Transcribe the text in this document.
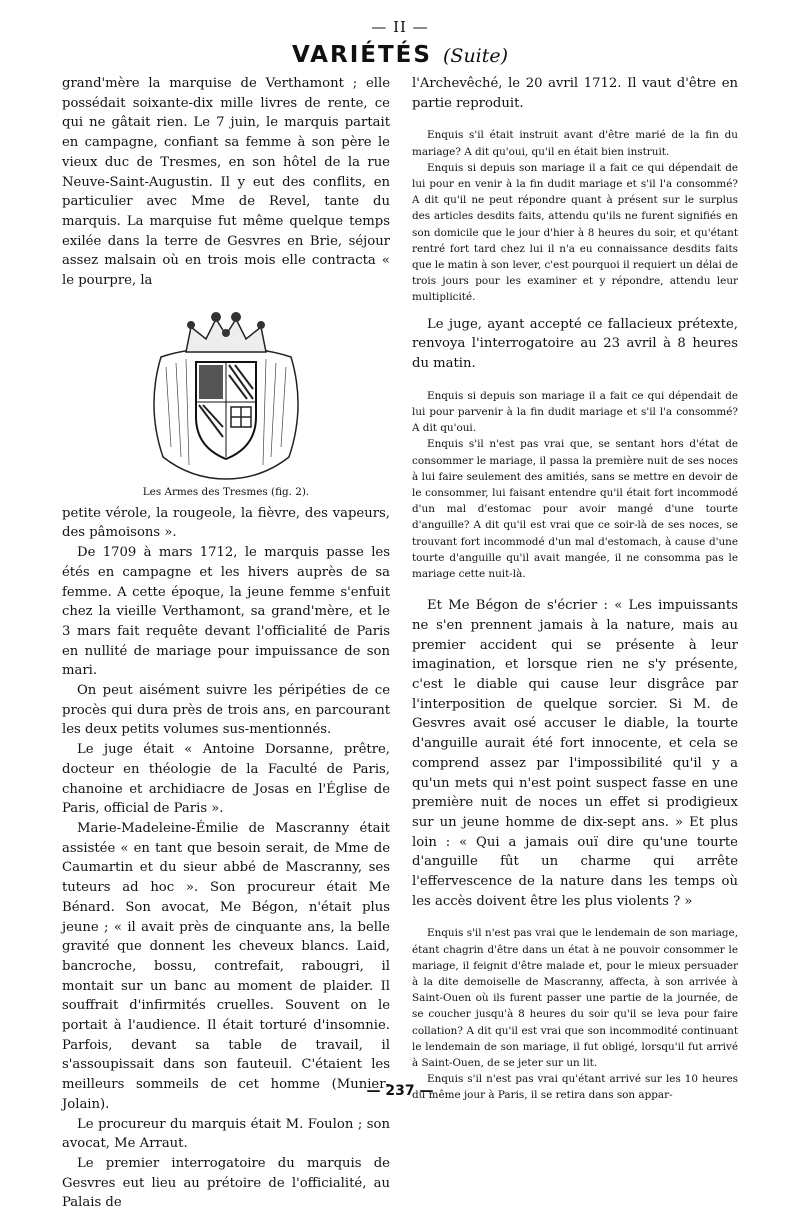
— II —
VARIÉTÉS (Suite)

grand'mère la marquise de Verthamont ; elle possédait soixante-dix mille livres de rente, ce qui ne gâtait rien. Le 7 juin, le marquis partait en campagne, confiant sa femme à son père le vieux duc de Tresmes, en son hôtel de la rue Neuve-Saint-Augustin. Il y eut des conflits, en particulier avec Mme de Revel, tante du marquis. La marquise fut même quelque temps exilée dans la terre de Gesvres en Brie, séjour assez malsain où en trois mois elle contracta « le pourpre, la

Les Armes des Tresmes (fig. 2).

petite vérole, la rougeole, la fièvre, des vapeurs, des pâmoisons ».

De 1709 à mars 1712, le marquis passe les étés en campagne et les hivers auprès de sa femme. A cette époque, la jeune femme s'enfuit chez la vieille Verthamont, sa grand'mère, et le 3 mars fait requête devant l'officialité de Paris en nullité de mariage pour impuissance de son mari.

On peut aisément suivre les péripéties de ce procès qui dura près de trois ans, en parcourant les deux petits volumes sus-mentionnés.

Le juge était « Antoine Dorsanne, prêtre, docteur en théologie de la Faculté de Paris, chanoine et archidiacre de Josas en l'Église de Paris, official de Paris ».

Marie-Madeleine-Émilie de Mascranny était assistée « en tant que besoin serait, de Mme de Caumartin et du sieur abbé de Mascranny, ses tuteurs ad hoc ». Son procureur était Me Bénard. Son avocat, Me Bégon, n'était plus jeune ; « il avait près de cinquante ans, la belle gravité que donnent les cheveux blancs. Laid, bancroche, bossu, contrefait, rabougri, il montait sur un banc au moment de plaider. Il souffrait d'infirmités cruelles. Souvent on le portait à l'audience. Il était torturé d'insomnie. Parfois, devant sa table de travail, il s'assoupissait dans son fauteuil. C'étaient les meilleurs sommeils de cet homme (Munier-Jolain).

Le procureur du marquis était M. Foulon ; son avocat, Me Arraut.

Le premier interrogatoire du marquis de Gesvres eut lieu au prétoire de l'officialité, au Palais de

l'Archevêché, le 20 avril 1712. Il vaut d'être en partie reproduit.

Enquis s'il était instruit avant d'être marié de la fin du mariage? A dit qu'oui, qu'il en était bien instruit.

Enquis si depuis son mariage il a fait ce qui dépendait de lui pour en venir à la fin dudit mariage et s'il l'a consommé? A dit qu'il ne peut répondre quant à présent sur le surplus des articles desdits faits, attendu qu'ils ne furent signifiés en son domicile que le jour d'hier à 8 heures du soir, et qu'étant rentré fort tard chez lui il n'a eu connaissance desdits faits que le matin à son lever, c'est pourquoi il requiert un délai de trois jours pour les examiner et y répondre, attendu leur multiplicité.

Le juge, ayant accepté ce fallacieux prétexte, renvoya l'interrogatoire au 23 avril à 8 heures du matin.

Enquis si depuis son mariage il a fait ce qui dépendait de lui pour parvenir à la fin dudit mariage et s'il l'a consommé? A dit qu'oui.

Enquis s'il n'est pas vrai que, se sentant hors d'état de consommer le mariage, il passa la première nuit de ses noces à lui faire seulement des amitiés, sans se mettre en devoir de le consommer, lui faisant entendre qu'il était fort incommodé d'un mal d'estomac pour avoir mangé d'une tourte d'anguille? A dit qu'il est vrai que ce soir-là de ses noces, se trouvant fort incommodé d'un mal d'estomach, à cause d'une tourte d'anguille qu'il avait mangée, il ne consomma pas le mariage cette nuit-là.

Et Me Bégon de s'écrier : « Les impuissants ne s'en prennent jamais à la nature, mais au premier accident qui se présente à leur imagination, et lorsque rien ne s'y présente, c'est le diable qui cause leur disgrâce par l'interposition de quelque sorcier. Si M. de Gesvres avait osé accuser le diable, la tourte d'anguille aurait été fort innocente, et cela se comprend assez par l'impossibilité qu'il y a qu'un mets qui n'est point suspect fasse en une première nuit de noces un effet si prodigieux sur un jeune homme de dix-sept ans. » Et plus loin : « Qui a jamais ouï dire qu'une tourte d'anguille fût un charme qui arrête l'effervescence de la nature dans les temps où les accès doivent être les plus violents ? »

Enquis s'il n'est pas vrai que le lendemain de son mariage, étant chagrin d'être dans un état à ne pouvoir consommer le mariage, il feignit d'être malade et, pour le mieux persuader à la dite demoiselle de Mascranny, affecta, à son arrivée à Saint-Ouen où ils furent passer une partie de la journée, de se coucher jusqu'à 8 heures du soir qu'il se leva pour faire collation? A dit qu'il est vrai que son incommodité continuant le lendemain de son mariage, il fut obligé, lorsqu'il fut arrivé à Saint-Ouen, de se jeter sur un lit.

Enquis s'il n'est pas vrai qu'étant arrivé sur les 10 heures du même jour à Paris, il se retira dans son appar-

— 237 —
